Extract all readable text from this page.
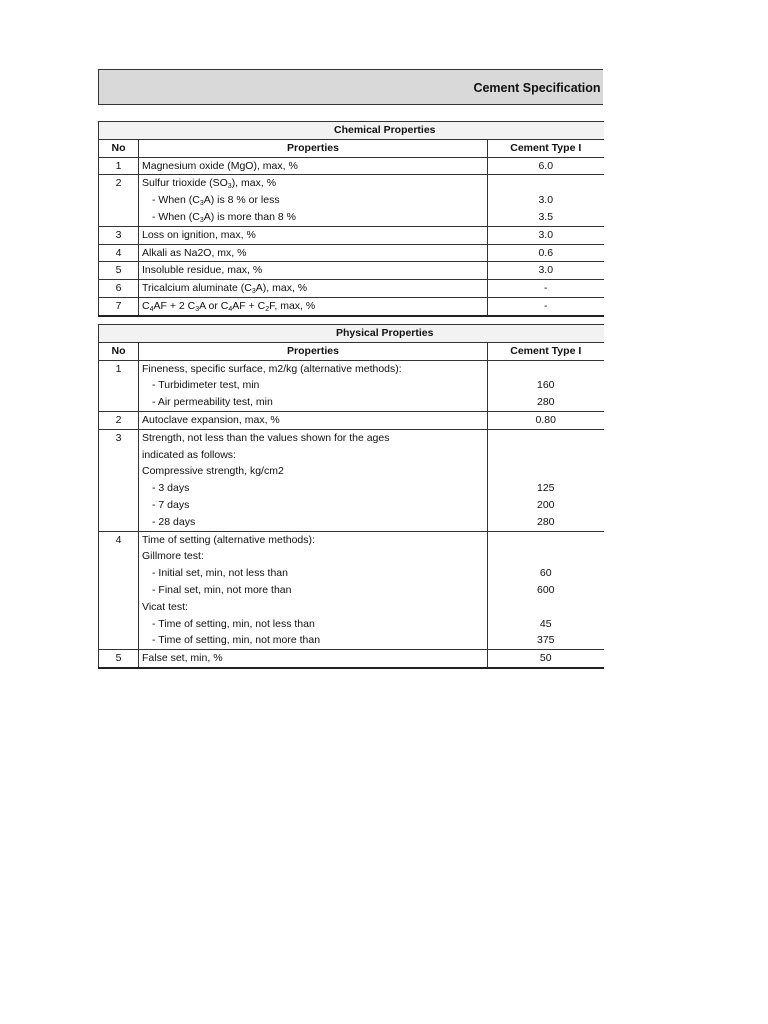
Cement Specification
Chemical Properties		
No	Properties	Cement Type I
1	Magnesium oxide (MgO), max, %	6.0
2	Sulfur trioxide $(SO_3)$, max, %	
	- When $(C_3A)$ is 8 % or less	3.0
	- When $(C_3A)$ is more than 8 %	3.5
3	Loss on ignition, max, %	3.0
4	Alkali as Na2O, mx, %	0.6
5	Insoluble residue, max, %	3.0
6	Tricalcium aluminate $(C_3A)$, max, %	-
7	$C_4AF + 2$ $C_3A$ or $C_4AF + C_2F$, max, %	-
Physical Properties		
No	Properties	Cement Type I
1	Fineness, specific surface, m2/kg (alternative methods):	
	- Turbidimeter test, min	160
	- Air permeability test, min	280
2	Autoclave expansion, max, %	0.80
3	Strength, not less than the values shown for the ages	
	indicated as follows:	
	Compressive strength, kg/cm2	
	- 3 days	125
	- 7 days	200
	- 28 days	280
4	Time of setting (alternative methods):	
	Gillmore test:	
	- Initial set, min, not less than	60
	- Final set, min, not more than	600
	Vicat test:	
	- Time of setting, min, not less than	45
	- Time of setting, min, not more than	375
5	False set, min, %	50
